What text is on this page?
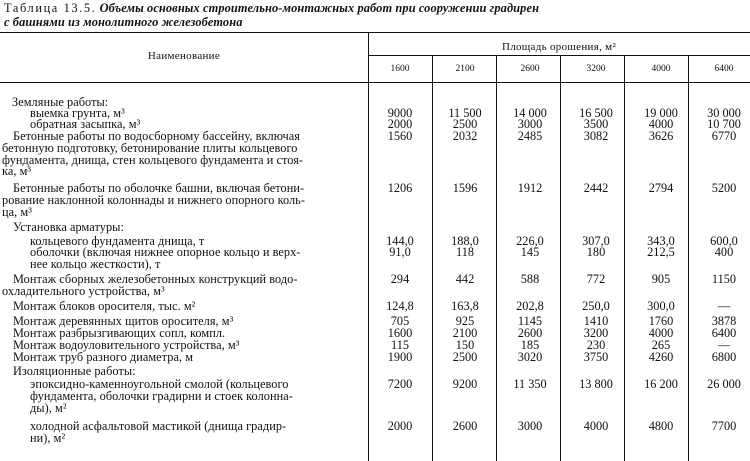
Таблица 13.5. Объемы основных строительно-монтажных работ при сооружении градирен
с башнями из монолитного железобетона
Наименование
Площадь орошения, м²
1600	2100	2600	3200	4000	6400
Земляные работы:
выемка грунта, м³	9000	11 500	14 000	16 500	19 000	30 000
обратная засыпка, м³	2000	2500	3000	3500	4000	10 700
Бетонные работы по водосборному бассейну, включая
бетонную подготовку, бетонирование плиты кольцевого
фундамента, днища, стен кольцевого фундамента и стоя-
ка, м³
1560	2032	2485	3082	3626	6770
Бетонные работы по оболочке башни, включая бетони-
рование наклонной колоннады и нижнего опорного коль-
ца, м³
1206	1596	1912	2442	2794	5200
Установка арматуры:
кольцевого фундамента днища, т	144,0	188,0	226,0	307,0	343,0	600,0
оболочки (включая нижнее опорное кольцо и верх-
нее кольцо жесткости), т
91,0	118	145	180	212,5	400
Монтаж сборных железобетонных конструкций водо-
охладительного устройства, м³
294	442	588	772	905	1150
Монтаж блоков оросителя, тыс. м²	124,8	163,8	202,8	250,0	300,0	—
Монтаж деревянных щитов оросителя, м³	705	925	1145	1410	1760	3878
Монтаж разбрызгивающих сопл, компл.	1600	2100	2600	3200	4000	6400
Монтаж водоуловительного устройства, м³	115	150	185	230	265	—
Монтаж труб разного диаметра, м	1900	2500	3020	3750	4260	6800
Изоляционные работы:
эпоксидно-каменноугольной смолой (кольцевого
фундамента, оболочки градирни и стоек колонна-
ды), м²
7200	9200	11 350	13 800	16 200	26 000
холодной асфальтовой мастикой (днища градир-
ни), м²
2000	2600	3000	4000	4800	7700
